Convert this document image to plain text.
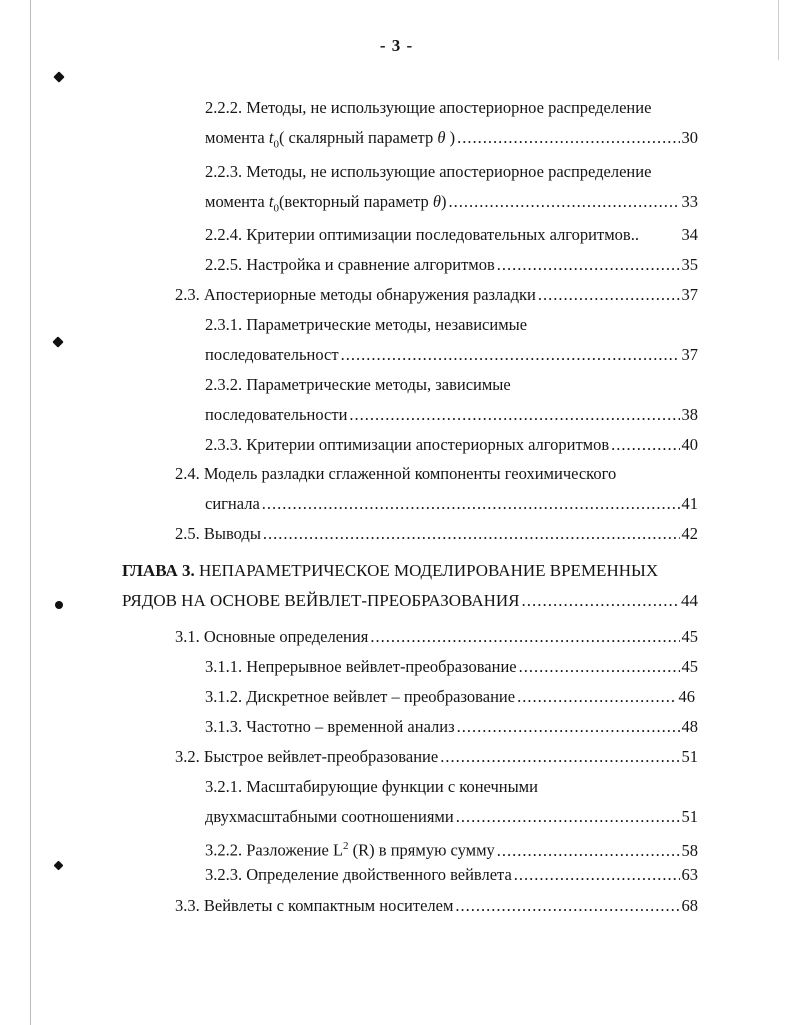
- 3 -
2.2.2. Методы, не использующие апостериорное распределение
момента $t_0$( скалярный параметр θ ) .....	30
2.2.3. Методы, не использующие апостериорное распределение
момента $t_0(векторный$ параметр θ) .....	33
2.2.4. Критерии оптимизации последовательных алгоритмов..	34
2.2.5. Настройка и сравнение алгоритмов .....	35
2.3. Апостериорные методы обнаружения разладки .....	37
2.3.1. Параметрические методы, независимые
последовательност .....	37
2.3.2. Параметрические методы, зависимые
последовательности .....	38
2.3.3. Критерии оптимизации апостериорных алгоритмов .....	40
2.4. Модель разладки сглаженной компоненты геохимического
сигнала .....	41
2.5. Выводы .....	42
ГЛАВА 3. НЕПАРАМЕТРИЧЕСКОЕ МОДЕЛИРОВАНИЕ ВРЕМЕННЫХ
РЯДОВ НА ОСНОВЕ ВЕЙВЛЕТ-ПРЕОБРАЗОВАНИЯ .....	44
3.1. Основные определения .....	45
3.1.1. Непрерывное вейвлет-преобразование .....	45
3.1.2. Дискретное вейвлет – преобразование .....	46
3.1.3. Частотно – временной анализ .....	48
3.2. Быстрое вейвлет-преобразование .....	51
3.2.1. Масштабирующие функции с конечными
двухмасштабными соотношениями .....	51
3.2.2. Разложение $L^2$ (R) в прямую сумму .....	58
3.2.3. Определение двойственного вейвлета .....	63
3.3. Вейвлеты с компактным носителем .....	68
